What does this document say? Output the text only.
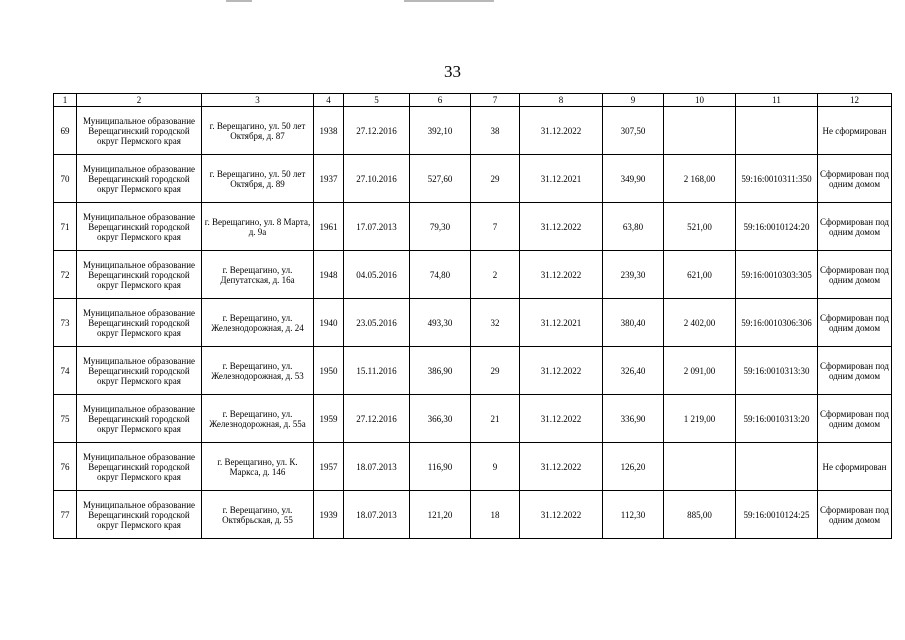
33
1	2	3	4	5	6	7	8	9	10	11	12
69	Муниципальное образование Верещагинский городской округ Пермского края	г. Верещагино, ул. 50 лет Октября, д. 87	1938	27.12.2016	392,10	38	31.12.2022	307,50			Не сформирован
70	Муниципальное образование Верещагинский городской округ Пермского края	г. Верещагино, ул. 50 лет Октября, д. 89	1937	27.10.2016	527,60	29	31.12.2021	349,90	2 168,00	59:16:0010311:350	Сформирован под одним домом
71	Муниципальное образование Верещагинский городской округ Пермского края	г. Верещагино, ул. 8 Марта, д. 9а	1961	17.07.2013	79,30	7	31.12.2022	63,80	521,00	59:16:0010124:20	Сформирован под одним домом
72	Муниципальное образование Верещагинский городской округ Пермского края	г. Верещагино, ул. Депутатская, д. 16а	1948	04.05.2016	74,80	2	31.12.2022	239,30	621,00	59:16:0010303:305	Сформирован под одним домом
73	Муниципальное образование Верещагинский городской округ Пермского края	г. Верещагино, ул. Железнодорожная, д. 24	1940	23.05.2016	493,30	32	31.12.2021	380,40	2 402,00	59:16:0010306:306	Сформирован под одним домом
74	Муниципальное образование Верещагинский городской округ Пермского края	г. Верещагино, ул. Железнодорожная, д. 53	1950	15.11.2016	386,90	29	31.12.2022	326,40	2 091,00	59:16:0010313:30	Сформирован под одним домом
75	Муниципальное образование Верещагинский городской округ Пермского края	г. Верещагино, ул. Железнодорожная, д. 55а	1959	27.12.2016	366,30	21	31.12.2022	336,90	1 219,00	59:16:0010313:20	Сформирован под одним домом
76	Муниципальное образование Верещагинский городской округ Пермского края	г. Верещагино, ул. К. Маркса, д. 146	1957	18.07.2013	116,90	9	31.12.2022	126,20			Не сформирован
77	Муниципальное образование Верещагинский городской округ Пермского края	г. Верещагино, ул. Октябрьская, д. 55	1939	18.07.2013	121,20	18	31.12.2022	112,30	885,00	59:16:0010124:25	Сформирован под одним домом
